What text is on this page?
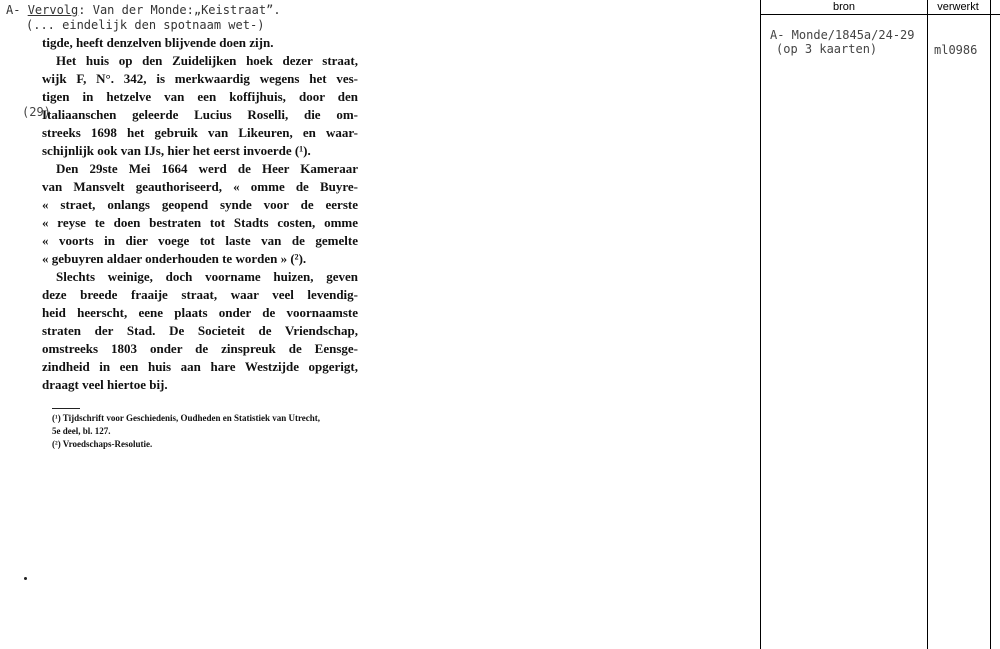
A- Vervolg: Van der Monde:„Keistraat”.
(... eindelijk den spotnaam wet-)
(29)
tigde, heeft denzelven blijvende doen zijn.
Het huis op den Zuidelijken hoek dezer straat,
wijk F, N°. 342, is merkwaardig wegens het ves-
tigen in hetzelve van een koffijhuis, door den
Italiaanschen geleerde Lucius Roselli, die om-
streeks 1698 het gebruik van Likeuren, en waar-
schijnlijk ook van IJs, hier het eerst invoerde (¹).
Den 29ste Mei 1664 werd de Heer Kameraar
van Mansvelt geauthoriseerd, « omme de Buyre-
« straet, onlangs geopend synde voor de eerste
« reyse te doen bestraten tot Stadts costen, omme
« voorts in dier voege tot laste van de gemelte
« gebuyren aldaer onderhouden te worden » (²).
Slechts weinige, doch voorname huizen, geven
deze breede fraaije straat, waar veel levendig-
heid heerscht, eene plaats onder de voornaamste
straten der Stad. De Societeit de Vriendschap,
omstreeks 1803 onder de zinspreuk de Eensge-
zindheid in een huis aan hare Westzijde opgerigt,
draagt veel hiertoe bij.
(¹) Tijdschrift voor Geschiedenis, Oudheden en Statistiek van Utrecht,
5e deel, bl. 127.
(²) Vroedschaps-Resolutie.
bron	verwerkt
A- Monde/1845a/24-29
(op 3 kaarten)	ml0986
